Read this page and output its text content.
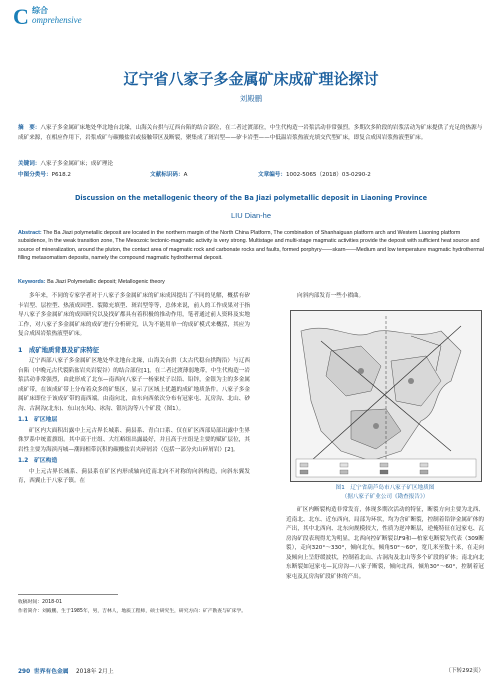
C 综合
omprehensive
辽宁省八家子多金属矿床成矿理论探讨
刘殿鹏
摘　要：八家子多金属矿床地处华北地台北缘，山海关台拱与辽西台陷的结合部位，在二者过渡部位，中生代构造一岩浆活动非常强烈。多期次多阶段的岩浆活动为矿床提供了充足的热源与成矿来源，在相应作用下，岩浆成矿与碳酸盐岩或接触带区及断裂，聚集成了斑岩型——矽卡岩型——中低温岩浆热液充填交代型矿床，即复合成因岩浆热液型矿床。
关键词：八家子多金属矿床；成矿理论
中图分类号：P618.2	文献标识码：A	文章编号：1002-5065（2018）03-0290-2
Discussion on the metallogenic theory of the Ba Jiazi polymetallic deposit in Liaoning Province
LIU Dian-he
Abstract: The Ba Jiazi polymetallic deposit are located in the northern margin of the North China Platform, The combination of Shanhaiguan platform arch and Western Liaoning platform subsidence, In the weak transition zone, The Mesozoic tectonic-magmatic activity is very strong. Multistage and multi-stage magmatic activities provide the deposit with sufficient heat source and source of mineralization, around the pluton, the contact area of magmatic rock and carbonate rocks and faults, formed porphyry——skarn——Medium and low temperature magmatic hydrothermal filling metasomatism deposits, namely the compound magmatic hydrothermal deposit.
Keywords: Ba Jiazi Polymetallic deposit; Metallogenic theory

多年来，不同的专家学者对于八家子多金属矿床的矿床成因提出了不同的见解，概括有矽卡岩型、层控型、热液成因型、裂隙充填型、斑岩型等等，总体来说，前人的工作成果对于指导八家子多金属矿床的成因研究以及找矿都具有着积极的推动作用，笔者通过前人资料及实地工作，对八家子多金属矿床的成矿进行分析研究，认为不能用单一的成矿模式来概括，其应为复合成因岩浆热液型矿床。

1　成矿地质背景及矿床特征

辽宁西部八家子多金属矿区地处华北地台北缘，山海关台拱（太古代稳台拱陶沿）与辽西台陷（中晚元古代裂陷盆岩夹岩裂谷）的结合部位[1]，在二者过渡薄弱地带，中生代构造一岩浆活动非常强烈，由此形成了北东—南西向八家子一杨家杖子以铅、铅锌，金银为主的多金属成矿带，在该成矿带上分布着众多的矿集区，显示了区域上优越的成矿地质条件。八家子多金属矿床即位于该成矿带的南西端。由南向北，由东向西依次分布有冠家屯、瓦房沟、北山、砂沟、古洞沟(北东)、东山(东风)、冰沟、银坑沟等八个矿段（图1）。

1.1　矿区地层

矿区内大面积出露中上元古界长城系、蓟县系、青白口系、仅在矿区西部局部出露中生界侏罗系中统蓝旗组。其中高于庄组、大红峪组出露最好，并且高于庄组是主要的赋矿层位，其岩性主要为海滨丙城—潮间相带沉积的碳酸盐岩夹碎屑岩（包括一部分火山碎屑岩）[2]。

1.2　矿区构造

中上元古界长城系、蓟县系在矿区内形成轴向近南北向不对称的向斜构造，向斜东翼发育，西翼止于八家子镇。在

向斜内部发育一些小褶曲。

图1　辽宁省葫芦岛市八家子矿区地质图
（据八家子矿业公司《勘查报告》）

矿区内断裂构造非常发育，体现多期次活动的特征，断裂方向主要为北西、近南北、北东、近东西向，局部为环状，均为含矿断裂，控制着铅锌金属矿体的产出，其中北西向、北东向规模较大，性质为逆冲断层，逆掩特征在冠家屯、瓦房沟矿段表现得尤为明显，北西向控矿断裂以F9和—柏家屯断裂为代表（309断裂），走向320°～330°，倾向北东，倾角50°～60°，宽几米至数十米，在走向及倾向上呈舒缓波状，控制着北山、古洞沟及北山等多个矿段的矿体；南北向北东断裂如冠家屯—瓦房沟—八家子断裂，倾向北西，倾角30°～60°，控制着冠家屯及瓦房沟矿段矿体的产出。

（下转292页）
收稿时间：2018-01
作者简介：刘殿鹏，生于1985年，男，吉林人，地质工程师，硕士研究生，研究方向：矿产勘查与矿床学。
290 世界有色金属 2018年 2月上
